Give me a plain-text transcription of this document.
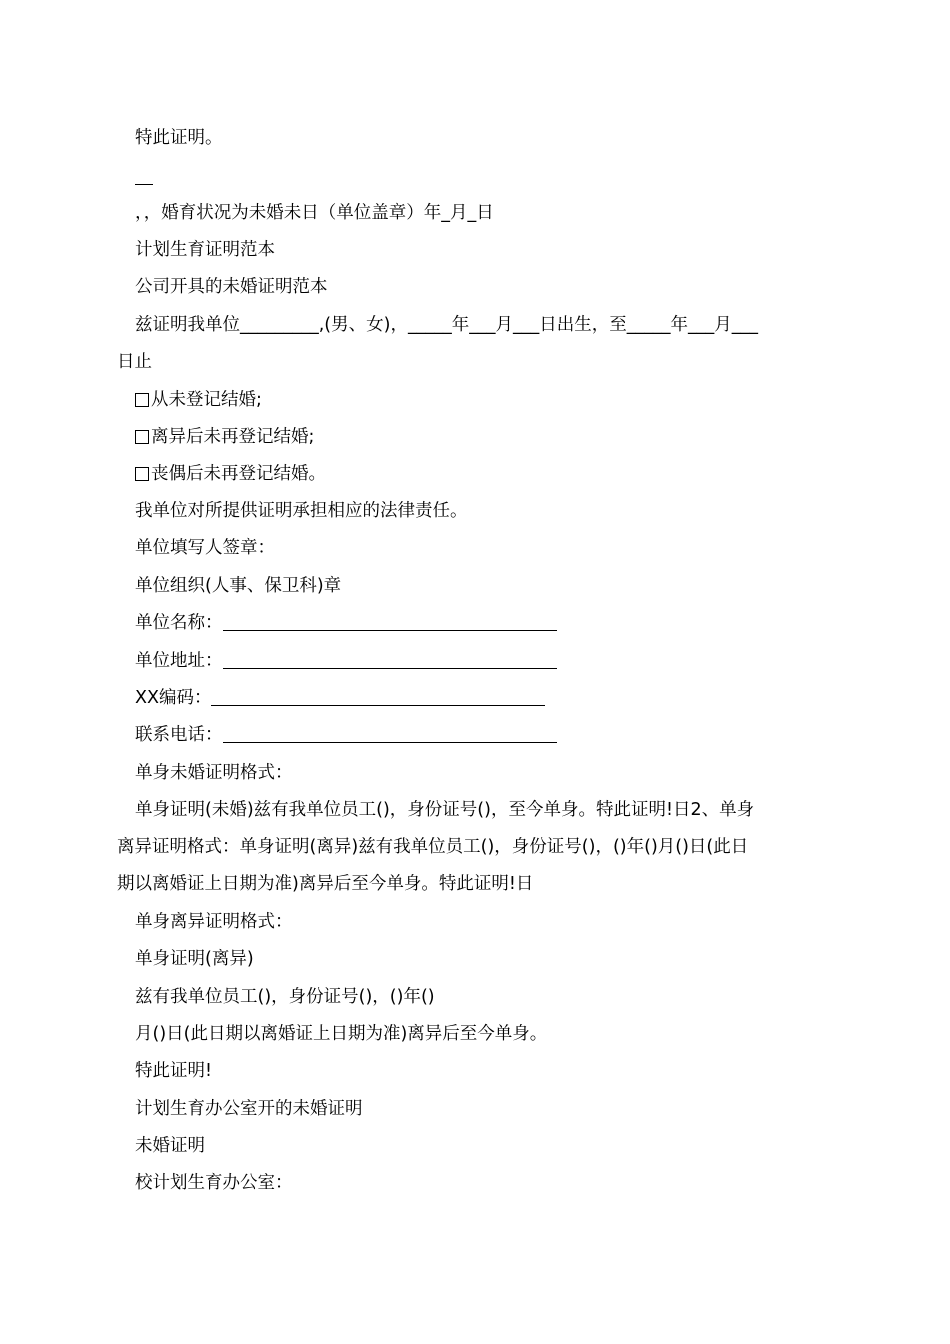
特此证明。
，，婚育状况为未婚未日（单位盖章）年_月_日
计划生育证明范本
公司开具的未婚证明范本
兹证明我单位_________,(男、女)，_____年___月___日出生，至_____年___月___
日止
从未登记结婚;
离异后未再登记结婚;
丧偶后未再登记结婚。
我单位对所提供证明承担相应的法律责任。
单位填写人签章：
单位组织(人事、保卫科)章
单位名称：
单位地址：
XX编码：
联系电话：
单身未婚证明格式：
单身证明(未婚)兹有我单位员工()，身份证号()，至今单身。特此证明!日2、单身
离异证明格式：单身证明(离异)兹有我单位员工()，身份证号()，()年()月()日(此日
期以离婚证上日期为准)离异后至今单身。特此证明!日
单身离异证明格式：
单身证明(离异)
兹有我单位员工()，身份证号()，()年()
月()日(此日期以离婚证上日期为准)离异后至今单身。
特此证明!
计划生育办公室开的未婚证明
未婚证明
校计划生育办公室：
